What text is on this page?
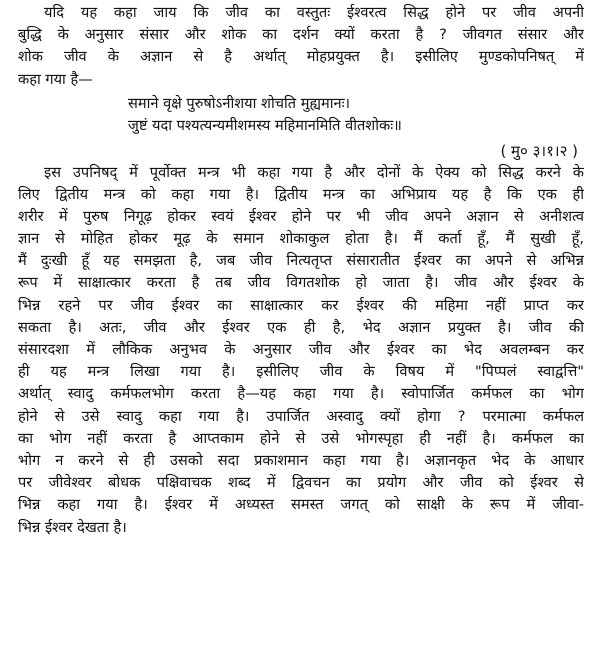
यदि यह कहा जाय कि जीव का वस्तुतः ईश्वरत्व सिद्ध होने पर जीव अपनी
बुद्धि के अनुसार संसार और शोक का दर्शन क्यों करता है ? जीवगत संसार और
शोक जीव के अज्ञान से है अर्थात् मोहप्रयुक्त है। इसीलिए मुण्डकोपनिषत् में
कहा गया है—
समाने वृक्षे पुरुषोऽनीशया शोचति मुह्यमानः।
जुष्टं यदा पश्यत्यन्यमीशमस्य महिमानमिति वीतशोकः॥
( मु० ३।१।२ )
इस उपनिषद् में पूर्वोक्त मन्त्र भी कहा गया है और दोनों के ऐक्य को सिद्ध करने के
लिए द्वितीय मन्त्र को कहा गया है। द्वितीय मन्त्र का अभिप्राय यह है कि एक ही
शरीर में पुरुष निगूढ़ होकर स्वयं ईश्वर होने पर भी जीव अपने अज्ञान से अनीशत्व
ज्ञान से मोहित होकर मूढ़ के समान शोकाकुल होता है। मैं कर्ता हूँ, मैं सुखी हूँ,
मैं दुःखी हूँ यह समझता है, जब जीव नित्यतृप्त संसारातीत ईश्वर का अपने से अभिन्न
रूप में साक्षात्कार करता है तब जीव विगतशोक हो जाता है। जीव और ईश्वर के
भिन्न रहने पर जीव ईश्वर का साक्षात्कार कर ईश्वर की महिमा नहीं प्राप्त कर
सकता है। अतः, जीव और ईश्वर एक ही है, भेद अज्ञान प्रयुक्त है। जीव की
संसारदशा में लौकिक अनुभव के अनुसार जीव और ईश्वर का भेद अवलम्बन कर
ही यह मन्त्र लिखा गया है। इसीलिए जीव के विषय में "पिप्पलं स्वाद्वत्ति"
अर्थात् स्वादु कर्मफलभोग करता है—यह कहा गया है। स्वोपार्जित कर्मफल का भोग
होने से उसे स्वादु कहा गया है। उपार्जित अस्वादु क्यों होगा ? परमात्मा कर्मफल
का भोग नहीं करता है आप्तकाम होने से उसे भोगस्पृहा ही नहीं है। कर्मफल का
भोग न करने से ही उसको सदा प्रकाशमान कहा गया है। अज्ञानकृत भेद के आधार
पर जीवेश्वर बोधक पक्षिवाचक शब्द में द्विवचन का प्रयोग और जीव को ईश्वर से
भिन्न कहा गया है। ईश्वर में अध्यस्त समस्त जगत् को साक्षी के रूप में जीवा-
भिन्न ईश्वर देखता है।
